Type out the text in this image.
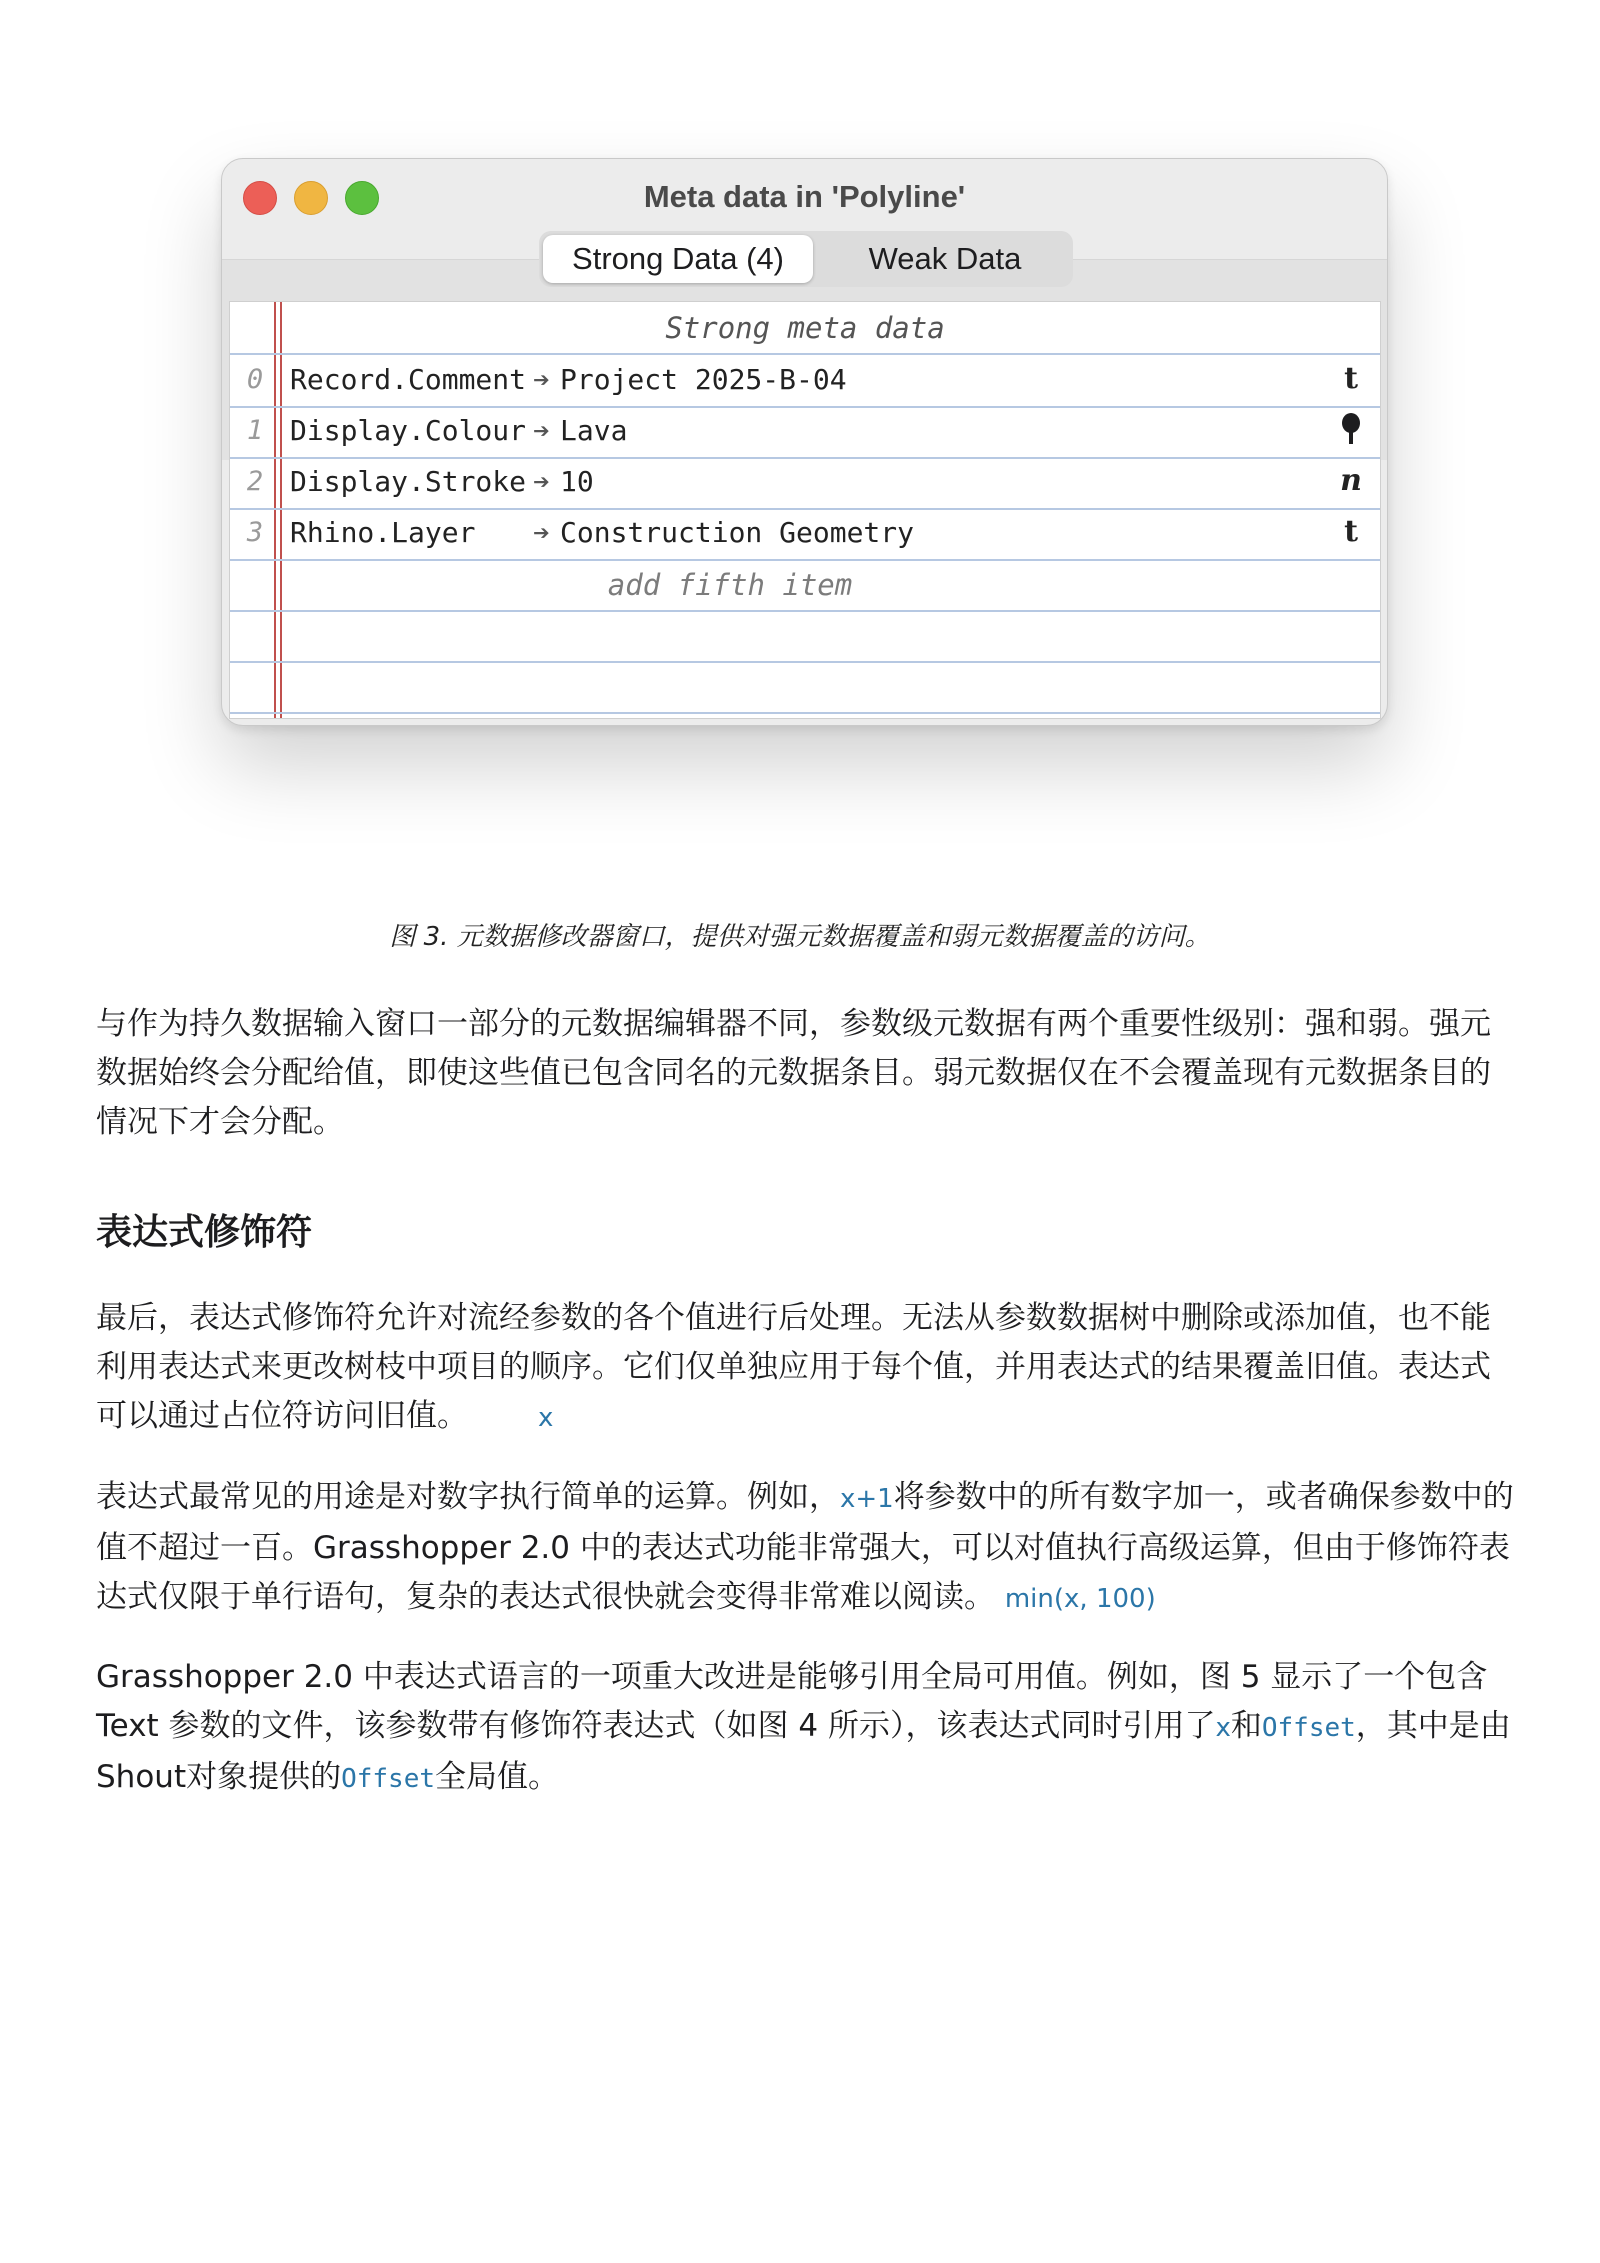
Meta data in 'Polyline'
Strong Data (4)	Weak Data
Strong meta data
0 Record.Comment ➔ Project 2025-B-04	t
1 Display.Colour ➔ Lava
2 Display.Stroke ➔ 10	n
3 Rhino.Layer ➔ Construction Geometry	t
add fifth item
图 3. 元数据修改器窗口，提供对强元数据覆盖和弱元数据覆盖的访问。

与作为持久数据输入窗口一部分的元数据编辑器不同，参数级元数据有两个重要性级别：强和弱。强元数据始终会分配给值，即使这些值已包含同名的元数据条目。弱元数据仅在不会覆盖现有元数据条目的情况下才会分配。

表达式修饰符

最后，表达式修饰符允许对流经参数的各个值进行后处理。无法从参数数据树中删除或添加值，也不能利用表达式来更改树枝中项目的顺序。它们仅单独应用于每个值，并用表达式的结果覆盖旧值。表达式可以通过占位符访问旧值。	x

表达式最常见的用途是对数字执行简单的运算。例如，x+1将参数中的所有数字加一，或者确保参数中的值不超过一百。Grasshopper 2.0 中的表达式功能非常强大，可以对值执行高级运算，但由于修饰符表达式仅限于单行语句，复杂的表达式很快就会变得非常难以阅读。 min(x, 100)

Grasshopper 2.0 中表达式语言的一项重大改进是能够引用全局可用值。例如，图 5 显示了一个包含 Text 参数的文件，该参数带有修饰符表达式（如图 4 所示），该表达式同时引用了x和Offset，其中是由Shout对象提供的Offset全局值。
